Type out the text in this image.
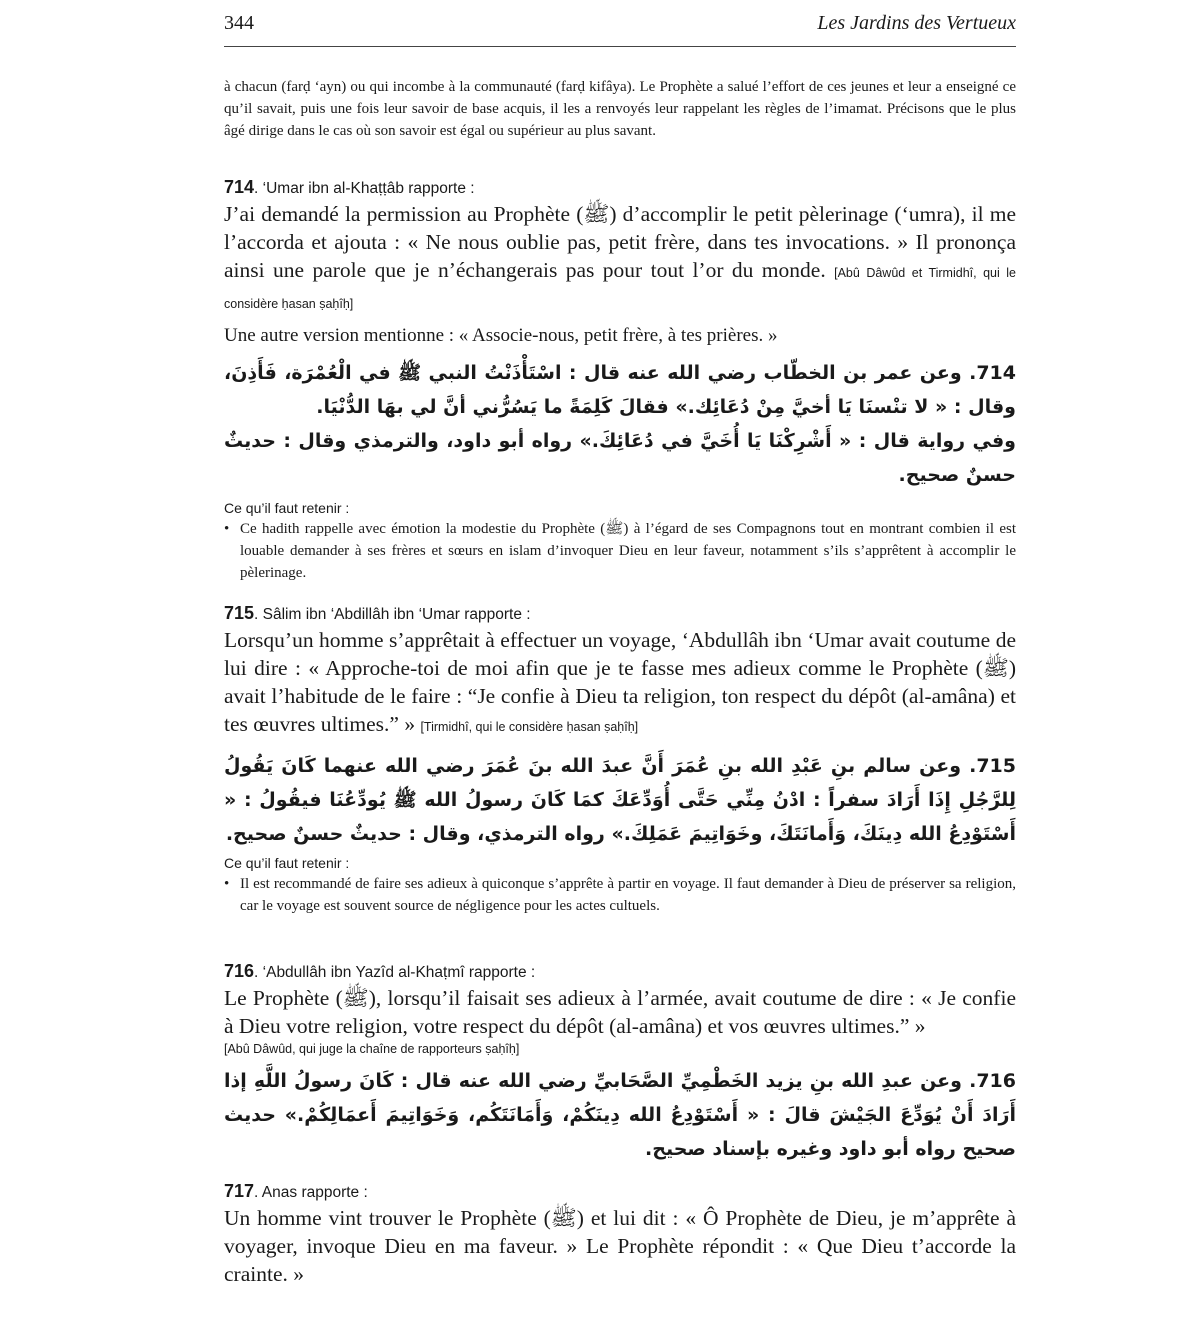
344	Les Jardins des Vertueux
à chacun (farḍ ‘ayn) ou qui incombe à la communauté (farḍ kifâya). Le Prophète a salué l’effort de ces jeunes et leur a enseigné ce qu’il savait, puis une fois leur savoir de base acquis, il les a renvoyés leur rappelant les règles de l’imamat. Précisons que le plus âgé dirige dans le cas où son savoir est égal ou supérieur au plus savant.
714. ‘Umar ibn al-Khaṭṭâb rapporte :
J’ai demandé la permission au Prophète (ﷺ) d’accomplir le petit pèlerinage (‘umra), il me l’accorda et ajouta : « Ne nous oublie pas, petit frère, dans tes invocations. » Il prononça ainsi une parole que je n’échangerais pas pour tout l’or du monde. [Abû Dâwûd et Tirmidhî, qui le considère ḥasan ṣaḥîḥ]
Une autre version mentionne : « Associe-nous, petit frère, à tes prières. »
714. وعن عمر بن الخطّاب رضي الله عنه قال : اسْتَأْذَنْتُ النبي ﷺ في الْعُمْرَة، فَأَذِنَ، وقال : « لا تنْسنَا يَا أخيَّ مِنْ دُعَائِك.» فقالَ كَلِمَةً ما يَسُرُّني أنَّ لي بهَا الدُّنْيَا.
وفي رواية قال : « أَشْرِكْنَا يَا أُخَيَّ في دُعَائِكَ.» رواه أبو داود، والترمذي وقال : حديثٌ حسنٌ صحيح.
Ce qu’il faut retenir :
• Ce hadith rappelle avec émotion la modestie du Prophète (ﷺ) à l’égard de ses Compagnons tout en montrant combien il est louable demander à ses frères et sœurs en islam d’invoquer Dieu en leur faveur, notamment s’ils s’apprêtent à accomplir le pèlerinage.
715. Sâlim ibn ‘Abdillâh ibn ‘Umar rapporte :
Lorsqu’un homme s’apprêtait à effectuer un voyage, ‘Abdullâh ibn ‘Umar avait coutume de lui dire : « Approche-toi de moi afin que je te fasse mes adieux comme le Prophète (ﷺ) avait l’habitude de le faire : “Je confie à Dieu ta religion, ton respect du dépôt (al-amâna) et tes œuvres ultimes.” » [Tirmidhî, qui le considère ḥasan ṣaḥîḥ]
715. وعن سالم بنِ عَبْدِ الله بنِ عُمَرَ أَنَّ عبدَ الله بنَ عُمَرَ رضي الله عنهما كَانَ يَقُولُ لِلرَّجُلِ إِذَا أَرَادَ سفراً : ادْنُ مِنِّي حَتَّى أُوَدِّعَكَ كمَا كَانَ رسولُ الله ﷺ يُودِّعُنَا فيقُولُ : « أَسْتَوْدِعُ الله دِينَكَ، وَأَمانَتَكَ، وخَوَاتِيمَ عَمَلِكَ.» رواه الترمذي، وقال : حديثٌ حسنٌ صحيح.
Ce qu’il faut retenir :
• Il est recommandé de faire ses adieux à quiconque s’apprête à partir en voyage. Il faut demander à Dieu de préserver sa religion, car le voyage est souvent source de négligence pour les actes cultuels.
716. ‘Abdullâh ibn Yazîd al-Khaṭmî rapporte :
Le Prophète (ﷺ), lorsqu’il faisait ses adieux à l’armée, avait coutume de dire : « Je confie à Dieu votre religion, votre respect du dépôt (al-amâna) et vos œuvres ultimes.” »
[Abû Dâwûd, qui juge la chaîne de rapporteurs ṣaḥîḥ]
716. وعن عبدِ الله بنِ يزيد الخَطْمِيِّ الصَّحَابيِّ رضي الله عنه قال : كَانَ رسولُ اللَّهِ إذا أَرَادَ أَنْ يُوَدِّعَ الجَيْشَ قالَ : « أَسْتَوْدِعُ الله دِينَكُمْ، وَأَمَانَتَكُم، وَخَوَاتِيمَ أَعمَالِكُمْ.» حديث صحيح رواه أبو داود وغيره بإسناد صحيح.
717. Anas rapporte :
Un homme vint trouver le Prophète (ﷺ) et lui dit : « Ô Prophète de Dieu, je m’apprête à voyager, invoque Dieu en ma faveur. » Le Prophète répondit : « Que Dieu t’accorde la crainte. »
